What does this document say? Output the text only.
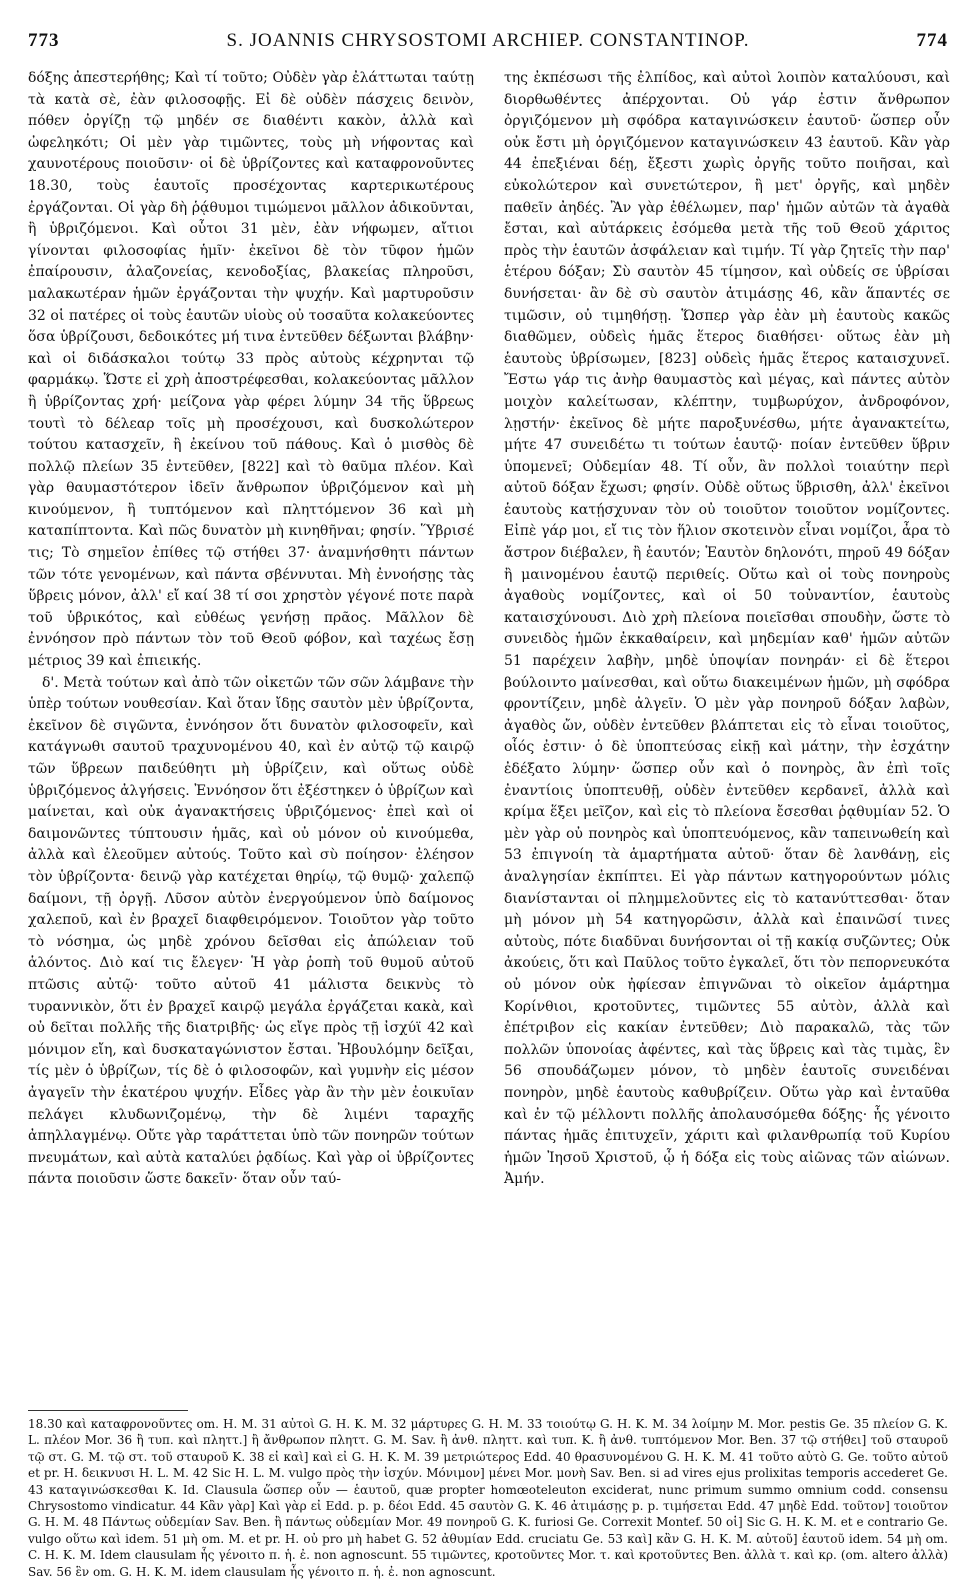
773	S. JOANNIS CHRYSOSTOMI ARCHIEP. CONSTANTINOP.	774

δόξης ἀπεστερήθης; Καὶ τί τοῦτο; Οὐδὲν γὰρ ἐλάττωται ταύτῃ τὰ κατὰ σὲ, ἐὰν φιλοσοφῇς. Εἰ δὲ οὐδὲν πάσχεις δεινὸν, πόθεν ὀργίζῃ τῷ μηδέν σε διαθέντι κακὸν, ἀλλὰ καὶ ὠφεληκότι; Οἱ μὲν γὰρ τιμῶντες, τοὺς μὴ νήφοντας καὶ χαυνοτέρους ποιοῦσιν· οἱ δὲ ὑβρίζοντες καὶ καταφρονοῦντες 18.30, τοὺς ἑαυτοῖς προσέχοντας καρτερικωτέρους ἐργάζονται. Οἱ γὰρ δὴ ῥᾴθυμοι τιμώμενοι μᾶλλον ἀδικοῦνται, ἢ ὑβριζόμενοι. Καὶ οὗτοι 31 μὲν, ἐὰν νήφωμεν, αἴτιοι γίνονται φιλοσοφίας ἡμῖν· ἐκεῖνοι δὲ τὸν τῦφον ἡμῶν ἐπαίρουσιν, ἀλαζονείας, κενοδοξίας, βλακείας πληροῦσι, μαλακωτέραν ἡμῶν ἐργάζονται τὴν ψυχήν. Καὶ μαρτυροῦσιν 32 οἱ πατέρες οἱ τοὺς ἑαυτῶν υἱοὺς οὐ τοσαῦτα κολακεύοντες ὅσα ὑβρίζουσι, δεδοικότες μή τινα ἐντεῦθεν δέξωνται βλάβην· καὶ οἱ διδάσκαλοι τούτῳ 33 πρὸς αὐτοὺς κέχρηνται τῷ φαρμάκῳ. Ὥστε εἰ χρὴ ἀποστρέφεσθαι, κολακεύοντας μᾶλλον ἢ ὑβρίζοντας χρή· μείζονα γὰρ φέρει λύμην 34 τῆς ὕβρεως τουτὶ τὸ δέλεαρ τοῖς μὴ προσέχουσι, καὶ δυσκολώτερον τούτου κατασχεῖν, ἢ ἐκείνου τοῦ πάθους. Καὶ ὁ μισθὸς δὲ πολλῷ πλείων 35 ἐντεῦθεν, [822] καὶ τὸ θαῦμα πλέον. Καὶ γὰρ θαυμαστότερον ἰδεῖν ἄνθρωπον ὑβριζόμενον καὶ μὴ κινούμενον, ἢ τυπτόμενον καὶ πληττόμενον 36 καὶ μὴ καταπίπτοντα. Καὶ πῶς δυνατὸν μὴ κινηθῆναι; φησίν. Ὕβρισέ τις; Τὸ σημεῖον ἐπίθες τῷ στήθει 37· ἀναμνήσθητι πάντων τῶν τότε γενομένων, καὶ πάντα σβέννυται. Μὴ ἐννοήσῃς τὰς ὕβρεις μόνον, ἀλλ' εἴ καί 38 τί σοι χρηστὸν γέγονέ ποτε παρὰ τοῦ ὑβρικότος, καὶ εὐθέως γενήσῃ πρᾶος. Μᾶλλον δὲ ἐννόησον πρὸ πάντων τὸν τοῦ Θεοῦ φόβον, καὶ ταχέως ἔσῃ μέτριος 39 καὶ ἐπιεικής.

δ'. Μετὰ τούτων καὶ ἀπὸ τῶν οἰκετῶν τῶν σῶν λάμβανε τὴν ὑπὲρ τούτων νουθεσίαν. Καὶ ὅταν ἴδῃς σαυτὸν μὲν ὑβρίζοντα, ἐκεῖνον δὲ σιγῶντα, ἐννόησον ὅτι δυνατὸν φιλοσοφεῖν, καὶ κατάγνωθι σαυτοῦ τραχυνομένου 40, καὶ ἐν αὐτῷ τῷ καιρῷ τῶν ὕβρεων παιδεύθητι μὴ ὑβρίζειν, καὶ οὕτως οὐδὲ ὑβριζόμενος ἀλγήσεις. Ἐννόησον ὅτι ἐξέστηκεν ὁ ὑβρίζων καὶ μαίνεται, καὶ οὐκ ἀγανακτήσεις ὑβριζόμενος· ἐπεὶ καὶ οἱ δαιμονῶντες τύπτουσιν ἡμᾶς, καὶ οὐ μόνον οὐ κινούμεθα, ἀλλὰ καὶ ἐλεοῦμεν αὐτούς. Τοῦτο καὶ σὺ ποίησον· ἐλέησον τὸν ὑβρίζοντα· δεινῷ γὰρ κατέχεται θηρίῳ, τῷ θυμῷ· χαλεπῷ δαίμονι, τῇ ὀργῇ. Λῦσον αὐτὸν ἐνεργούμενον ὑπὸ δαίμονος χαλεποῦ, καὶ ἐν βραχεῖ διαφθειρόμενον. Τοιοῦτον γὰρ τοῦτο τὸ νόσημα, ὡς μηδὲ χρόνου δεῖσθαι εἰς ἀπώλειαν τοῦ ἁλόντος. Διὸ καί τις ἔλεγεν· Ἡ γὰρ ῥοπὴ τοῦ θυμοῦ αὐτοῦ πτῶσις αὐτῷ· τοῦτο αὐτοῦ 41 μάλιστα δεικνὺς τὸ τυραννικὸν, ὅτι ἐν βραχεῖ καιρῷ μεγάλα ἐργάζεται κακὰ, καὶ οὐ δεῖται πολλῆς τῆς διατριβῆς· ὡς εἴγε πρὸς τῇ ἰσχύϊ 42 καὶ μόνιμον εἴη, καὶ δυσκαταγώνιστον ἔσται. Ἠβουλόμην δεῖξαι, τίς μὲν ὁ ὑβρίζων, τίς δὲ ὁ φιλοσοφῶν, καὶ γυμνὴν εἰς μέσον ἀγαγεῖν τὴν ἑκατέρου ψυχήν. Εἶδες γὰρ ἂν τὴν μὲν ἐοικυῖαν πελάγει κλυδωνιζομένῳ, τὴν δὲ λιμένι ταραχῆς ἀπηλλαγμένῳ. Οὔτε γὰρ ταράττεται ὑπὸ τῶν πονηρῶν τούτων πνευμάτων, καὶ αὐτὰ καταλύει ῥᾳδίως. Καὶ γὰρ οἱ ὑβρίζοντες πάντα ποιοῦσιν ὥστε δακεῖν· ὅταν οὖν ταύ-

της ἐκπέσωσι τῆς ἐλπίδος, καὶ αὐτοὶ λοιπὸν καταλύουσι, καὶ διορθωθέντες ἀπέρχονται. Οὐ γάρ ἐστιν ἄνθρωπον ὀργιζόμενον μὴ σφόδρα καταγινώσκειν ἑαυτοῦ· ὥσπερ οὖν οὐκ ἔστι μὴ ὀργιζόμενον καταγινώσκειν 43 ἑαυτοῦ. Κἂν γὰρ 44 ἐπεξιέναι δέῃ, ἔξεστι χωρὶς ὀργῆς τοῦτο ποιῆσαι, καὶ εὐκολώτερον καὶ συνετώτερον, ἢ μετ' ὀργῆς, καὶ μηδὲν παθεῖν ἀηδές. Ἂν γὰρ ἐθέλωμεν, παρ' ἡμῶν αὐτῶν τὰ ἀγαθὰ ἔσται, καὶ αὐτάρκεις ἐσόμεθα μετὰ τῆς τοῦ Θεοῦ χάριτος πρὸς τὴν ἑαυτῶν ἀσφάλειαν καὶ τιμήν. Τί γὰρ ζητεῖς τὴν παρ' ἑτέρου δόξαν; Σὺ σαυτὸν 45 τίμησον, καὶ οὐδείς σε ὑβρίσαι δυνήσεται· ἂν δὲ σὺ σαυτὸν ἀτιμάσῃς 46, κἂν ἅπαντές σε τιμῶσιν, οὐ τιμηθήσῃ. Ὥσπερ γὰρ ἐὰν μὴ ἑαυτοὺς κακῶς διαθῶμεν, οὐδεὶς ἡμᾶς ἕτερος διαθήσει· οὕτως ἐὰν μὴ ἑαυτοὺς ὑβρίσωμεν, [823] οὐδεὶς ἡμᾶς ἕτερος καταισχυνεῖ. Ἔστω γάρ τις ἀνὴρ θαυμαστὸς καὶ μέγας, καὶ πάντες αὐτὸν μοιχὸν καλείτωσαν, κλέπτην, τυμβωρύχον, ἀνδροφόνον, λῃστήν· ἐκεῖνος δὲ μήτε παροξυνέσθω, μήτε ἀγανακτείτω, μήτε 47 συνειδέτω τι τούτων ἑαυτῷ· ποίαν ἐντεῦθεν ὕβριν ὑπομενεῖ; Οὐδεμίαν 48. Τί οὖν, ἂν πολλοὶ τοιαύτην περὶ αὐτοῦ δόξαν ἔχωσι; φησίν. Οὐδὲ οὕτως ὕβρισθη, ἀλλ' ἐκεῖνοι ἑαυτοὺς κατῄσχυναν τὸν οὐ τοιοῦτον τοιοῦτον νομίζοντες. Εἰπὲ γάρ μοι, εἴ τις τὸν ἥλιον σκοτεινὸν εἶναι νομίζοι, ἆρα τὸ ἄστρον διέβαλεν, ἢ ἑαυτόν; Ἑαυτὸν δηλονότι, πηροῦ 49 δόξαν ἢ μαινομένου ἑαυτῷ περιθείς. Οὕτω καὶ οἱ τοὺς πονηροὺς ἀγαθοὺς νομίζοντες, καὶ οἱ 50 τοὐναντίον, ἑαυτοὺς καταισχύνουσι. Διὸ χρὴ πλείονα ποιεῖσθαι σπουδὴν, ὥστε τὸ συνειδὸς ἡμῶν ἐκκαθαίρειν, καὶ μηδεμίαν καθ' ἡμῶν αὐτῶν 51 παρέχειν λαβὴν, μηδὲ ὑποψίαν πονηράν· εἰ δὲ ἕτεροι βούλοιντο μαίνεσθαι, καὶ οὕτω διακειμένων ἡμῶν, μὴ σφόδρα φροντίζειν, μηδὲ ἀλγεῖν. Ὁ μὲν γὰρ πονηροῦ δόξαν λαβὼν, ἀγαθὸς ὤν, οὐδὲν ἐντεῦθεν βλάπτεται εἰς τὸ εἶναι τοιοῦτος, οἷός ἐστιν· ὁ δὲ ὑποπτεύσας εἰκῇ καὶ μάτην, τὴν ἐσχάτην ἐδέξατο λύμην· ὥσπερ οὖν καὶ ὁ πονηρὸς, ἂν ἐπὶ τοῖς ἐναντίοις ὑποπτευθῇ, οὐδὲν ἐντεῦθεν κερδανεῖ, ἀλλὰ καὶ κρίμα ἕξει μεῖζον, καὶ εἰς τὸ πλείονα ἔσεσθαι ῥᾳθυμίαν 52. Ὁ μὲν γὰρ οὐ πονηρὸς καὶ ὑποπτευόμενος, κἂν ταπεινωθείη καὶ 53 ἐπιγνοίη τὰ ἁμαρτήματα αὐτοῦ· ὅταν δὲ λανθάνῃ, εἰς ἀναλγησίαν ἐκπίπτει. Εἰ γὰρ πάντων κατηγορούντων μόλις διανίστανται οἱ πλημμελοῦντες εἰς τὸ κατανύττεσθαι· ὅταν μὴ μόνον μὴ 54 κατηγορῶσιν, ἀλλὰ καὶ ἐπαινῶσί τινες αὐτοὺς, πότε διαδῦναι δυνήσονται οἱ τῇ κακίᾳ συζῶντες; Οὐκ ἀκούεις, ὅτι καὶ Παῦλος τοῦτο ἐγκαλεῖ, ὅτι τὸν πεπορνευκότα οὐ μόνον οὐκ ἠφίεσαν ἐπιγνῶναι τὸ οἰκεῖον ἁμάρτημα Κορίνθιοι, κροτοῦντες, τιμῶντες 55 αὐτὸν, ἀλλὰ καὶ ἐπέτριβον εἰς κακίαν ἐντεῦθεν; Διὸ παρακαλῶ, τὰς τῶν πολλῶν ὑπονοίας ἀφέντες, καὶ τὰς ὕβρεις καὶ τὰς τιμὰς, ἓν 56 σπουδάζωμεν μόνον, τὸ μηδὲν ἑαυτοῖς συνειδέναι πονηρὸν, μηδὲ ἑαυτοὺς καθυβρίζειν. Οὕτω γὰρ καὶ ἐνταῦθα καὶ ἐν τῷ μέλλοντι πολλῆς ἀπολαυσόμεθα δόξης· ἧς γένοιτο πάντας ἡμᾶς ἐπιτυχεῖν, χάριτι καὶ φιλανθρωπίᾳ τοῦ Κυρίου ἡμῶν Ἰησοῦ Χριστοῦ, ᾧ ἡ δόξα εἰς τοὺς αἰῶνας τῶν αἰώνων. Ἀμήν.

18.30 καὶ καταφρονοῦντες om. H. M. 31 αὐτοὶ G. H. K. M. 32 μάρτυρες G. H. M. 33 τοιούτῳ G. H. K. M. 34 λοίμην M. Mor. pestis Ge. 35 πλείον G. K. L. πλέον Mor. 36 ἢ τυπ. καὶ πληττ.] ἢ ἄνθρωπον πληττ. G. M. Sav. ἢ ἀνθ. πληττ. καὶ τυπ. K. ἢ ἀνθ. τυπτόμενον Mor. Ben. 37 τῷ στήθει] τοῦ σταυροῦ τῷ στ. G. M. τῷ στ. τοῦ σταυροῦ K. 38 εἰ καὶ] καὶ εἰ G. H. K. M. 39 μετριώτερος Edd. 40 θρασυνομένου G. H. K. M. 41 τοῦτο αὐτὸ G. Ge. τοῦτο αὐτοῦ et pr. H. δεικνυσι H. L. M. 42 Sic H. L. M. vulgo πρὸς τὴν ἰσχύν. Μόνιμον] μένει Mor. μονὴ Sav. Ben. si ad vires ejus prolixitas temporis accederet Ge. 43 καταγινώσκεσθαι K. Id. Clausula ὥσπερ οὖν — ἑαυτοῦ, quæ propter homœoteleuton exciderat, nunc primum summo omnium codd. consensu Chrysostomo vindicatur. 44 Κἂν γὰρ] Καὶ γὰρ εἰ Edd. p. p. δέοι Edd. 45 σαυτὸν G. K. 46 ἀτιμάσῃς p. p. τιμήσεται Edd. 47 μηδὲ Edd. τοῦτον] τοιοῦτον G. H. M. 48 Πάντως οὐδεμίαν Sav. Ben. ἢ πάντως οὐδεμίαν Mor. 49 πονηροῦ G. K. furiosi Ge. Correxit Montef. 50 οἱ] Sic G. H. K. M. et e contrario Ge. vulgo οὕτω καὶ idem. 51 μὴ om. M. et pr. H. οὐ pro μὴ habet G. 52 ἀθυμίαν Edd. cruciatu Ge. 53 καὶ] κἂν G. H. K. M. αὐτοῦ] ἑαυτοῦ idem. 54 μὴ om. C. H. K. M. Idem clausulam ἧς γένοιτο π. ἡ. ἐ. non agnoscunt. 55 τιμῶντες, κροτοῦντες Mor. τ. καὶ κροτοῦντες Ben. ἀλλὰ τ. καὶ κρ. (om. altero ἀλλὰ) Sav. 56 ἓν om. G. H. K. M. idem clausulam ἧς γένοιτο π. ἡ. ἐ. non agnoscunt.
